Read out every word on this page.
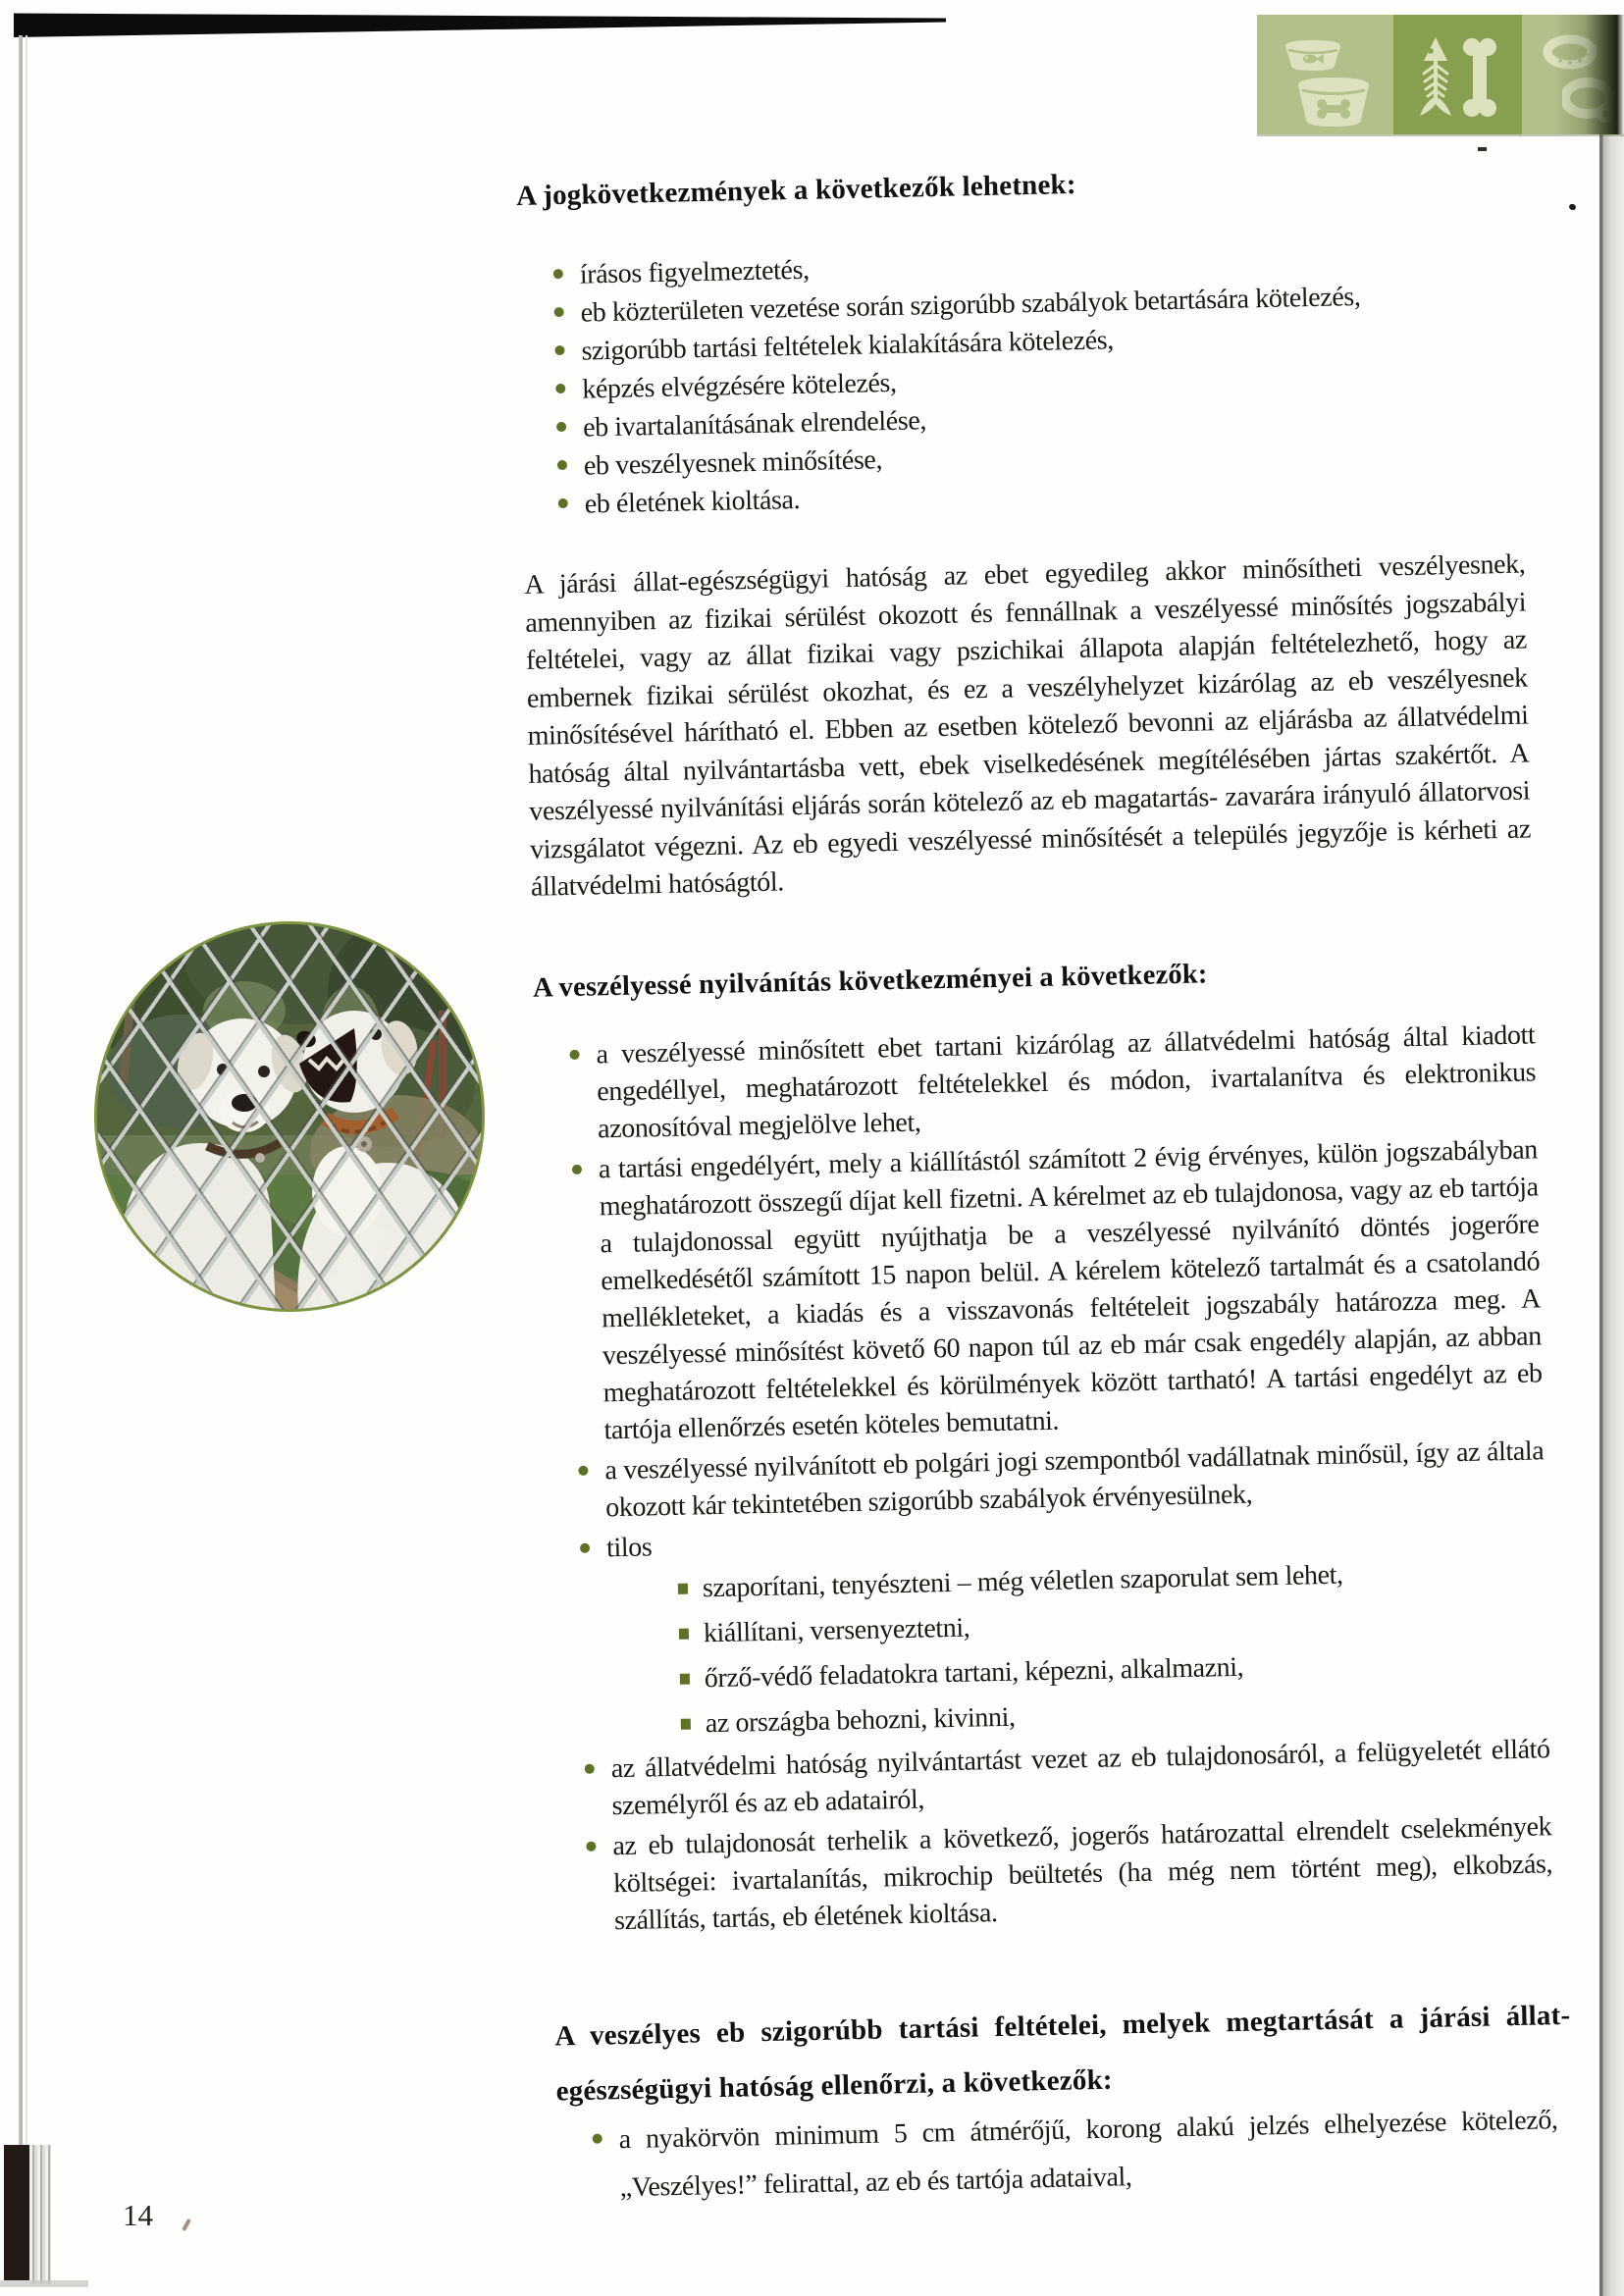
A jogkövetkezmények a következők lehetnek:
írásos figyelmeztetés,
eb közterületen vezetése során szigorúbb szabályok betartására kötelezés,
szigorúbb tartási feltételek kialakítására kötelezés,
képzés elvégzésére kötelezés,
eb ivartalanításának elrendelése,
eb veszélyesnek minősítése,
eb életének kioltása.
A járási állat-egészségügyi hatóság az ebet egyedileg akkor minősítheti veszélyesnek, amennyiben az fizikai sérülést okozott és fennállnak a veszélyessé minősítés jogszabályi feltételei, vagy az állat fizikai vagy pszichikai állapota alapján feltételezhető, hogy az embernek fizikai sérülést okozhat, és ez a veszélyhelyzet kizárólag az eb veszélyesnek minősítésével hárítható el. Ebben az esetben kötelező bevonni az eljárásba az állatvédelmi hatóság által nyilvántartásba vett, ebek viselkedésének megítélésében jártas szakértőt. A veszélyessé nyilvánítási eljárás során kötelező az eb magatartás- zavarára irányuló állatorvosi vizsgálatot végezni. Az eb egyedi veszélyessé minősítését a település jegyzője is kérheti az állatvédelmi hatóságtól.
A veszélyessé nyilvánítás következményei a következők:
a veszélyessé minősített ebet tartani kizárólag az állatvédelmi hatóság által kiadott engedéllyel, meghatározott feltételekkel és módon, ivartalanítva és elektronikus azonosítóval megjelölve lehet,
a tartási engedélyért, mely a kiállítástól számított 2 évig érvényes, külön jogszabályban meghatározott összegű díjat kell fizetni. A kérelmet az eb tulajdonosa, vagy az eb tartója a tulajdonossal együtt nyújthatja be a veszélyessé nyilvánító döntés jogerőre emelkedésétől számított 15 napon belül. A kérelem kötelező tartalmát és a csatolandó mellékleteket, a kiadás és a visszavonás feltételeit jogszabály határozza meg. A veszélyessé minősítést követő 60 napon túl az eb már csak engedély alapján, az abban meghatározott feltételekkel és körülmények között tartható! A tartási engedélyt az eb tartója ellenőrzés esetén köteles bemutatni.
a veszélyessé nyilvánított eb polgári jogi szempontból vadállatnak minősül, így az általa okozott kár tekintetében szigorúbb szabályok érvényesülnek,
tilos
szaporítani, tenyészteni – még véletlen szaporulat sem lehet,
kiállítani, versenyeztetni,
őrző-védő feladatokra tartani, képezni, alkalmazni,
az országba behozni, kivinni,
az állatvédelmi hatóság nyilvántartást vezet az eb tulajdonosáról, a felügyeletét ellátó személyről és az eb adatairól,
az eb tulajdonosát terhelik a következő, jogerős határozattal elrendelt cselekmények költségei: ivartalanítás, mikrochip beültetés (ha még nem történt meg), elkobzás, szállítás, tartás, eb életének kioltása.
A veszélyes eb szigorúbb tartási feltételei, melyek megtartását a járási állat-egészségügyi hatóság ellenőrzi, a következők:
a nyakörvön minimum 5 cm átmérőjű, korong alakú jelzés elhelyezése kötelező, „Veszélyes!” felirattal, az eb és tartója adataival,
14
